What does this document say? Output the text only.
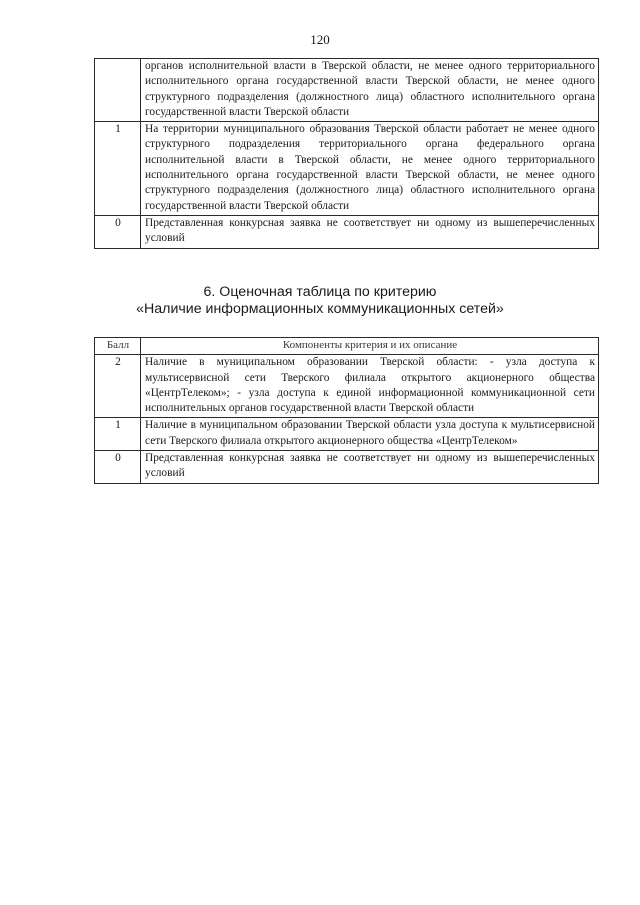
120
	органов исполнительной власти в Тверской области, не менее одного территориального исполнительного органа государственной власти Тверской области, не менее одного структурного подразделения (должностного лица) областного исполнительного органа государственной власти Тверской области
1	На территории муниципального образования Тверской области работает не менее одного структурного подразделения территориального органа федерального органа исполнительной власти в Тверской области, не менее одного территориального исполнительного органа государственной власти Тверской области, не менее одного структурного подразделения (должностного лица) областного исполнительного органа государственной власти Тверской области
0	Представленная конкурсная заявка не соответствует ни одному из вышеперечисленных условий
6. Оценочная таблица по критерию
«Наличие информационных коммуникационных сетей»
Балл	Компоненты критерия и их описание
2	Наличие в муниципальном образовании Тверской области: - узла доступа к мультисервисной сети Тверского филиала открытого акционерного общества «ЦентрТелеком»; - узла доступа к единой информационной коммуникационной сети исполнительных органов государственной власти Тверской области
1	Наличие в муниципальном образовании Тверской области узла доступа к мультисервисной сети Тверского филиала открытого акционерного общества «ЦентрТелеком»
0	Представленная конкурсная заявка не соответствует ни одному из вышеперечисленных условий
